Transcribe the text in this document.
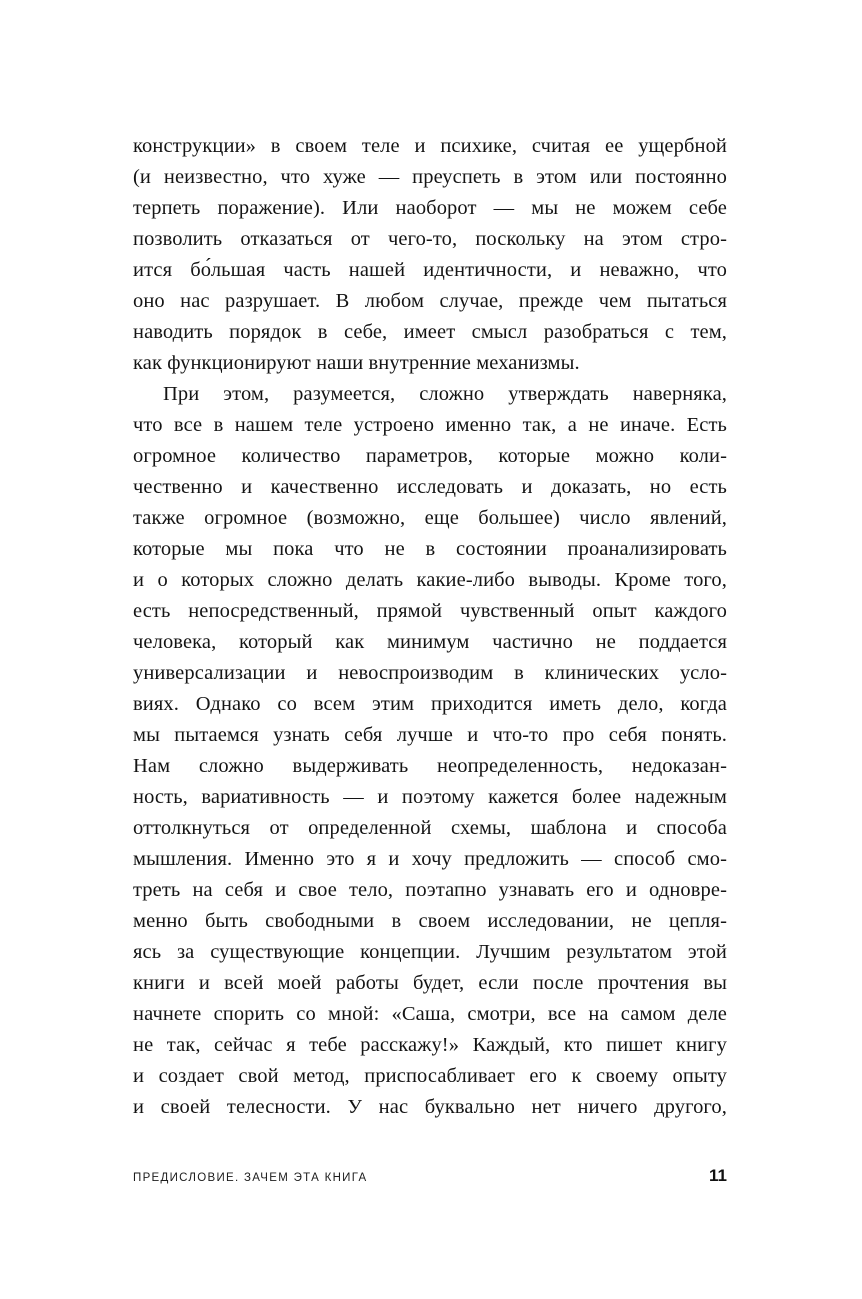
конструкции» в своем теле и психике, считая ее ущербной
(и неизвестно, что хуже — преуспеть в этом или постоянно
терпеть поражение). Или наоборот — мы не можем себе
позволить отказаться от чего-то, поскольку на этом стро-
ится бо́льшая часть нашей идентичности, и неважно, что
оно нас разрушает. В любом случае, прежде чем пытаться
наводить порядок в себе, имеет смысл разобраться с тем,
как функционируют наши внутренние механизмы.
При этом, разумеется, сложно утверждать наверняка,
что все в нашем теле устроено именно так, а не иначе. Есть
огромное количество параметров, которые можно коли-
чественно и качественно исследовать и доказать, но есть
также огромное (возможно, еще большее) число явлений,
которые мы пока что не в состоянии проанализировать
и о которых сложно делать какие-либо выводы. Кроме того,
есть непосредственный, прямой чувственный опыт каждого
человека, который как минимум частично не поддается
универсализации и невоспроизводим в клинических усло-
виях. Однако со всем этим приходится иметь дело, когда
мы пытаемся узнать себя лучше и что-то про себя понять.
Нам сложно выдерживать неопределенность, недоказан-
ность, вариативность — и поэтому кажется более надежным
оттолкнуться от определенной схемы, шаблона и способа
мышления. Именно это я и хочу предложить — способ смо-
треть на себя и свое тело, поэтапно узнавать его и одновре-
менно быть свободными в своем исследовании, не цепля-
ясь за существующие концепции. Лучшим результатом этой
книги и всей моей работы будет, если после прочтения вы
начнете спорить со мной: «Саша, смотри, все на самом деле
не так, сейчас я тебе расскажу!» Каждый, кто пишет книгу
и создает свой метод, приспосабливает его к своему опыту
и своей телесности. У нас буквально нет ничего другого,
ПРЕДИСЛОВИЕ. ЗАЧЕМ ЭТА КНИГА	11
